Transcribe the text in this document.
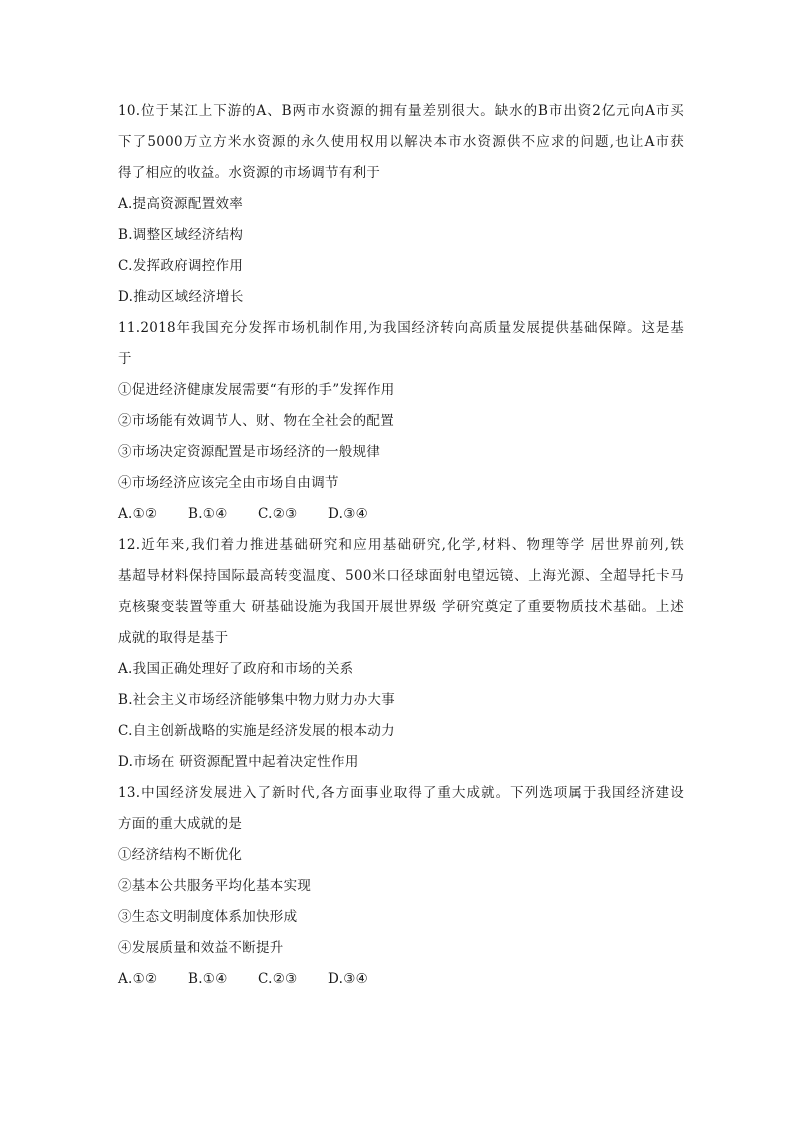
10.位于某江上下游的A、B两市水资源的拥有量差别很大。缺水的B市出资2亿元向A市买
下了5000万立方米水资源的永久使用权用以解决本市水资源供不应求的问题,也让A市获
得了相应的收益。水资源的市场调节有利于
A.提高资源配置效率
B.调整区域经济结构
C.发挥政府调控作用
D.推动区域经济增长
11.2018年我国充分发挥市场机制作用,为我国经济转向高质量发展提供基础保障。这是基
于
①促进经济健康发展需要“有形的手”发挥作用
②市场能有效调节人、财、物在全社会的配置
③市场决定资源配置是市场经济的一般规律
④市场经济应该完全由市场自由调节
A.①②	B.①④	C.②③	D.③④
12.近年来,我们着力推进基础研究和应用基础研究,化学,材料、物理等学 居世界前列,铁
基超导材料保持国际最高转变温度、500米口径球面射电望远镜、上海光源、全超导托卡马
克核聚变装置等重大 研基础设施为我国开展世界级 学研究奠定了重要物质技术基础。上述
成就的取得是基于
A.我国正确处理好了政府和市场的关系
B.社会主义市场经济能够集中物力财力办大事
C.自主创新战略的实施是经济发展的根本动力
D.市场在 研资源配置中起着决定性作用
13.中国经济发展进入了新时代,各方面事业取得了重大成就。下列选项属于我国经济建设
方面的重大成就的是
①经济结构不断优化
②基本公共服务平均化基本实现
③生态文明制度体系加快形成
④发展质量和效益不断提升
A.①②	B.①④	C.②③	D.③④
